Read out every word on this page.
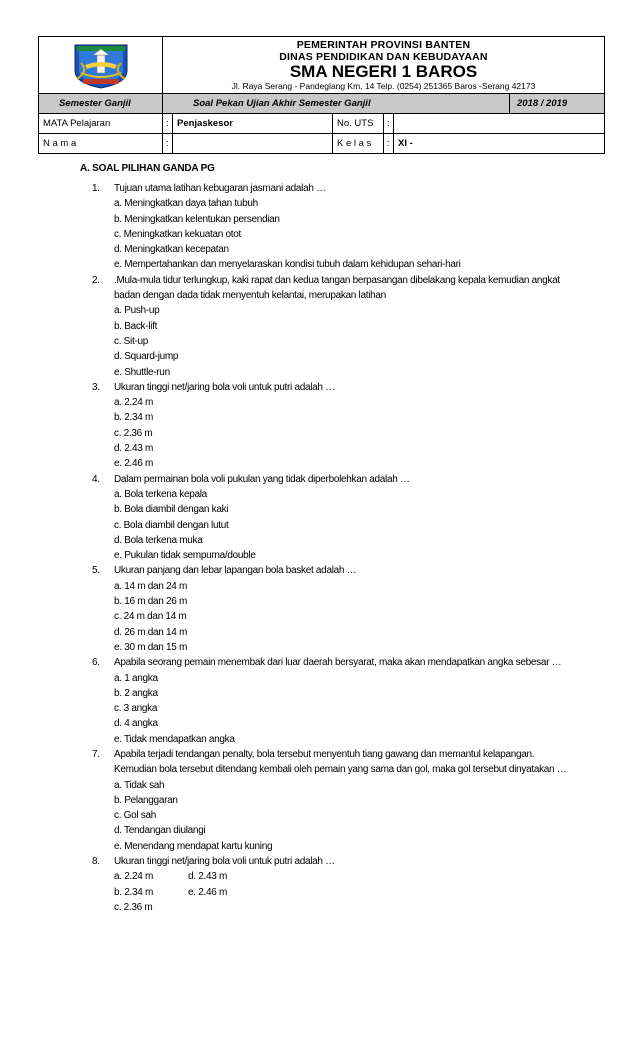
PEMERINTAH PROVINSI BANTEN
DINAS PENDIDIKAN DAN KEBUDAYAAN
SMA NEGERI 1 BAROS
Jl. Raya Serang - Pandeglang Km. 14 Telp. (0254) 251365 Baros -Serang 42173
Semester Ganjil	Soal Pekan Ujian Akhir Semester Ganjil	2018 / 2019
MATA Pelajaran	: Penjaskesor	No. UTS	:
N a m a	:	K e l a s	: XI -
A. SOAL PILIHAN GANDA PG
1. Tujuan utama latihan kebugaran jasmani adalah …
a. Meningkatkan daya tahan tubuh
b. Meningkatkan kelentukan persendian
c. Meningkatkan kekuatan otot
d. Meningkatkan kecepatan
e. Mempertahankan dan menyelaraskan kondisi tubuh dalam kehidupan sehari-hari
2. .Mula-mula tidur terlungkup, kaki rapat dan kedua tangan berpasangan dibelakang kepala kemudian angkat
badan dengan dada tidak menyentuh kelantai, merupakan latihan
a. Push-up
b. Back-lift
c. Sit-up
d. Squard-jump
e. Shuttle-run
3. Ukuran tinggi net/jaring bola voli untuk putri adalah …
a. 2.24 m
b. 2.34 m
c. 2.36 m
d. 2.43 m
e. 2.46 m
4. Dalam permainan bola voli pukulan yang tidak diperbolehkan adalah …
a. Bola terkena kepala
b. Bola diambil dengan kaki
c. Bola diambil dengan lutut
d. Bola terkena muka
e. Pukulan tidak sempurna/double
5. Ukuran panjang dan lebar lapangan bola basket adalah …
a. 14 m dan 24 m
b. 16 m dan 26 m
c. 24 m dan 14 m
d. 26 m dan 14 m
e. 30 m dan 15 m
6. Apabila seorang pemain menembak dari luar daerah bersyarat, maka akan mendapatkan angka sebesar …
a. 1 angka
b. 2 angka
c. 3 angka
d. 4 angka
e. Tidak mendapatkan angka
7. Apabila terjadi tendangan penalty, bola tersebut menyentuh tiang gawang dan memantul kelapangan.
Kemudian bola tersebut ditendang kembali oleh pemain yang sama dan gol, maka gol tersebut dinyatakan …
a. Tidak sah
b. Pelanggaran
c. Gol sah
d. Tendangan diulangi
e. Menendang mendapat kartu kuning
8. Ukuran tinggi net/jaring bola voli untuk putri adalah …
a. 2.24 m	d. 2.43 m
b. 2.34 m	e. 2.46 m
c. 2.36 m
